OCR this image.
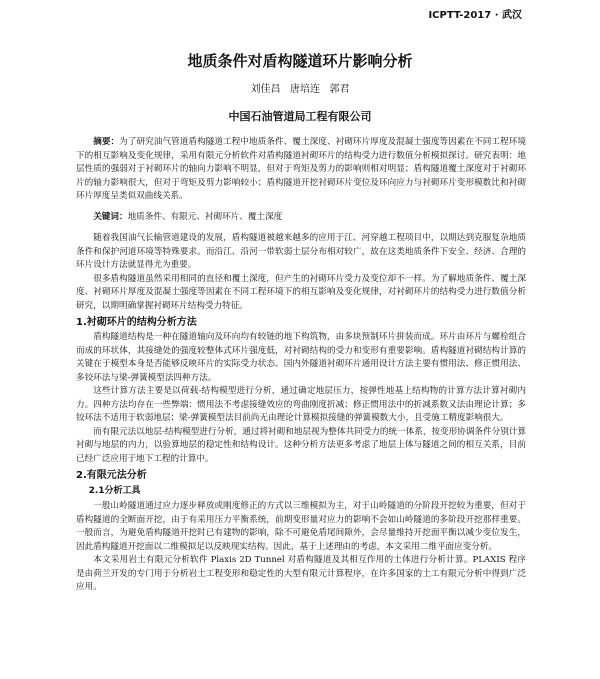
ICPTT-2017 · 武汉
地质条件对盾构隧道环片影响分析
刘佳昌 唐培连 郭君
中国石油管道局工程有限公司

摘要：为了研究油气管道盾构隧道工程中地质条件、覆土深度、衬砌环片厚度及混凝土强度等因素在不同工程环境下的相互影响及变化规律，采用有限元分析软件对盾构隧道衬砌环片的结构受力进行数值分析模拟探讨。研究表明：地层性质的强弱对于衬砌环片的轴向力影响不明显，但对于弯矩及剪力的影响则相对明显；盾构隧道覆土深度对于衬砌环片的轴力影响很大，但对于弯矩及剪力影响较小；盾构隧道开挖衬砌环片变位及环向应力与衬砌环片变形模数比和衬砌环片厚度呈类似双曲线关系。

关键词：地质条件、有限元、衬砌环片、覆土深度

随着我国油气长输管道建设的发展，盾构隧道被越来越多的应用于江、河穿越工程项目中，以期达到克服复杂地质条件和保护河道环境等特殊要求。而沿江、沿河一带软弱土层分布相对较广，故在这类地质条件下安全、经济、合理的环片设计方法就显得尤为重要。

很多盾构隧道虽然采用相同的直径和覆土深度，但产生的衬砌环片受力及变位却不一样。为了解地质条件、覆土深度、衬砌环片厚度及混凝土强度等因素在不同工程环境下的相互影响及变化规律，对衬砌环片的结构受力进行数值分析研究，以期明确掌握衬砌环片结构受力特征。

1.衬砌环片的结构分析方法

盾构隧道结构是一种在隧道轴向及环向均有较链的地下构筑物，由多块预制环片拼装而成。环片由环片与螺栓组合而成的环状体，其接缝处的强度较整体式环片强度低，对衬砌结构的受力和变形有重要影响。盾构隧道衬砌结构计算的关键在于模型本身是否能够反映环片的实际受力状态。国内外隧道衬砌环片通用设计方法主要有惯用法、修正惯用法、多铰环法与梁-弹簧模型法四种方法。

这些计算方法主要是以荷载-结构模型进行分析，通过确定地层压力，按弹性地基上结构物的计算方法计算衬砌内力。四种方法均存在一些弊端：惯用法不考虑接缝效应的弯曲刚度折减；修正惯用法中的折减系数又法由理论计算；多铰环法不适用于软弱地层；梁-弹簧模型法目前尚无由理论计算模拟接缝的弹簧模数大小，且受施工精度影响很大。

而有限元法以地层-结构模型进行分析，通过将衬砌和地层视为整体共同受力的统一体系，按变形协调条件分别计算衬砌与地层的内力，以验算地层的稳定性和结构设计。这种分析方法更多考虑了地层上体与隧道之间的相互关系，目前已经广泛应用于地下工程的计算中。

2.有限元法分析
2.1分析工具

一般山岭隧道通过应力逐步释放或刚度修正的方式以三维模拟为主，对于山岭隧道的分阶段开挖较为重要，但对于盾构隧道的全断面开挖，由于有采用压力平衡系统，前期变形量对应力的影响不会如山岭隧道的多阶段开挖那样重要。一般而言，为避免盾构隧道开挖时已有建物的影响，除不可避免盾尾间隙外，会尽量维持开挖面平衡以减少变位发生，因此盾构隧道开挖面以二维模拟足以反映现实结构。因此，基于上述理由的考虑，本文采用二维平面应变分析。

本文采用岩土有限元分析软件 Plaxis 2D Tunnel 对盾构隧道及其相互作用的土体进行分析计算。PLAXIS 程序是由荷兰开发的专门用于分析岩土工程变形和稳定性的大型有限元计算程序，在许多国家的土工有限元分析中得到广泛应用。
